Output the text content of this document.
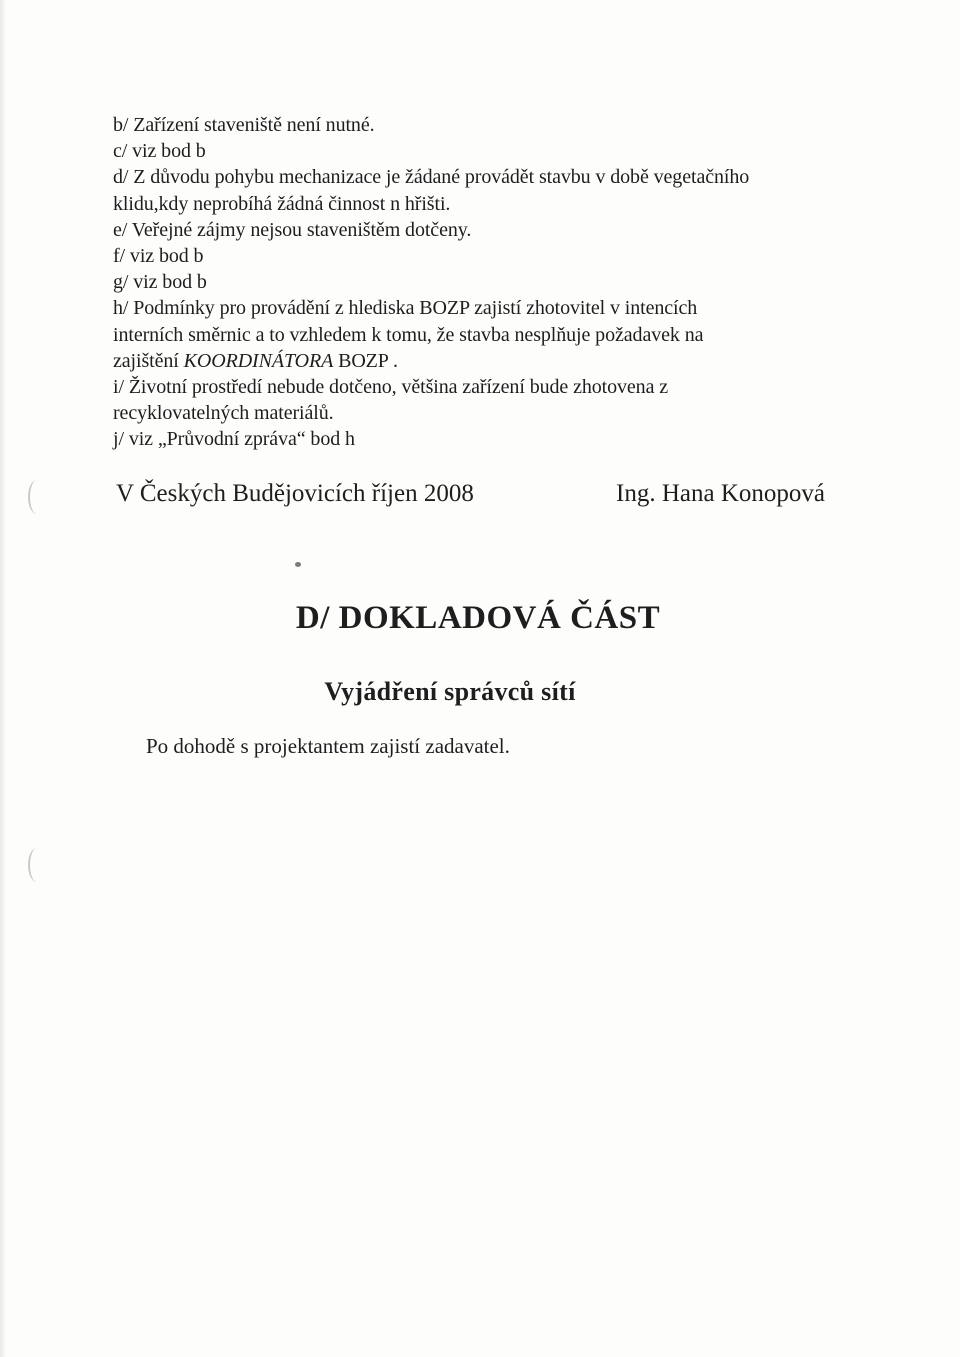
b/ Zařízení staveniště není nutné.
c/ viz bod b
d/ Z důvodu pohybu mechanizace je žádané provádět stavbu v době vegetačního
klidu,kdy neprobíhá žádná činnost n hřišti.
e/ Veřejné zájmy nejsou staveništěm dotčeny.
f/ viz bod b
g/ viz bod b
h/ Podmínky pro provádění z hlediska BOZP zajistí zhotovitel v intencích
interních směrnic a to vzhledem k tomu, že stavba nesplňuje požadavek na
zajištění KOORDINÁTORA BOZP .
i/ Životní prostředí nebude dotčeno, většina zařízení bude zhotovena z
recyklovatelných materiálů.
j/ viz „Průvodní zpráva“ bod h
V Českých Budějovicích říjen 2008	Ing. Hana Konopová
D/ DOKLADOVÁ ČÁST
Vyjádření správců sítí
Po dohodě s projektantem zajistí zadavatel.
